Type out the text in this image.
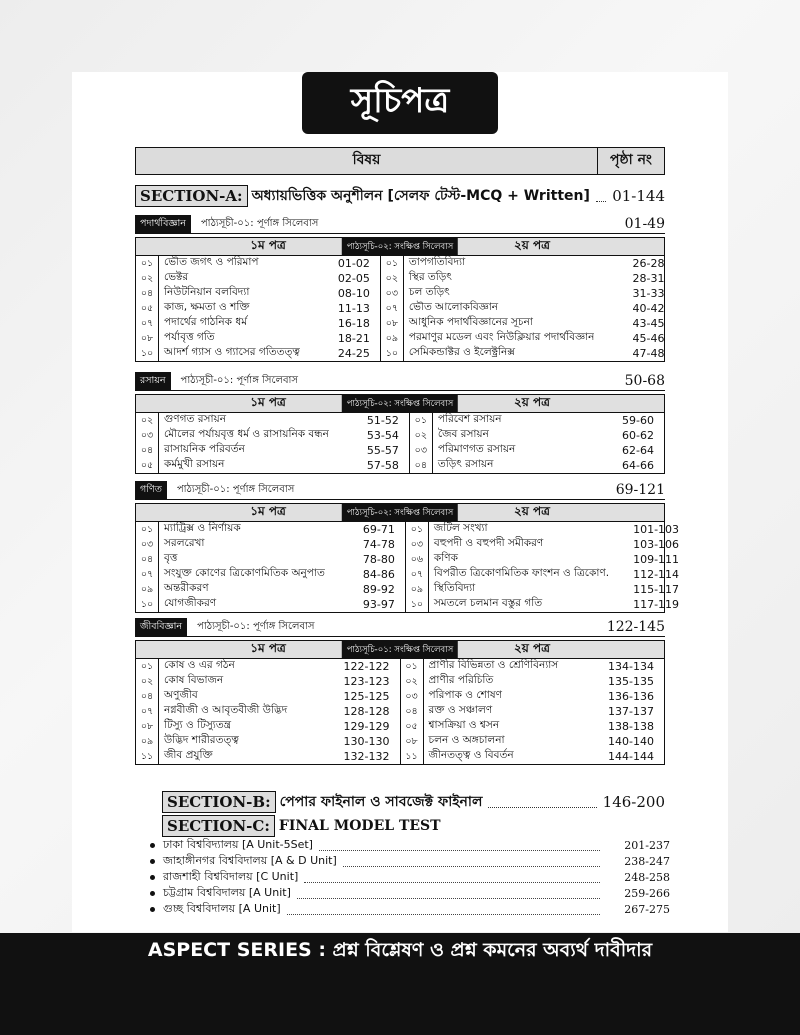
সূচিপত্র
বিষয়	পৃষ্ঠা নং
SECTION-A: অধ্যায়ভিত্তিক অনুশীলন [সেলফ টেস্ট-MCQ + Written] 01-144
পদার্থবিজ্ঞান	পাঠ্যসূচী-০১: পূর্ণাঙ্গ সিলেবাস	01-49
১ম পত্র	পাঠ্যসূচি-০২: সংক্ষিপ্ত সিলেবাস	২য় পত্র
০১	ভৌত জগৎ ও পরিমাপ	01-02
০২	ভেক্টর	02-05
০৪	নিউটনিয়ান বলবিদ্যা	08-10
০৫	কাজ, ক্ষমতা ও শক্তি	11-13
০৭	পদার্থের গাঠনিক ধর্ম	16-18
০৮	পর্যাবৃত্ত গতি	18-21
১০	আদর্শ গ্যাস ও গ্যাসের গতিতত্ত্ব	24-25
০১	তাপগতিবিদ্যা	26-28
০২	স্থির তড়িৎ	28-31
০৩	চল তড়িৎ	31-33
০৭	ভৌত আলোকবিজ্ঞান	40-42
০৮	আধুনিক পদার্থবিজ্ঞানের সূচনা	43-45
০৯	পরমাণুর মডেল এবং নিউক্লিয়ার পদার্থবিজ্ঞান	45-46
১০	সেমিকন্ডাক্টর ও ইলেক্ট্রনিক্স	47-48
রসায়ন	পাঠ্যসূচী-০১: পূর্ণাঙ্গ সিলেবাস	50-68
১ম পত্র	পাঠ্যসূচি-০২: সংক্ষিপ্ত সিলেবাস	২য় পত্র
০২	গুণগত রসায়ন	51-52
০৩	মৌলের পর্যায়বৃত্ত ধর্ম ও রাসায়নিক বন্ধন	53-54
০৪	রাসায়নিক পরিবর্তন	55-57
০৫	কর্মমুখী রসায়ন	57-58
০১	পরিবেশ রসায়ন	59-60
০২	জৈব রসায়ন	60-62
০৩	পরিমাণগত রসায়ন	62-64
০৪	তড়িৎ রসায়ন	64-66
গণিত	পাঠ্যসূচী-০১: পূর্ণাঙ্গ সিলেবাস	69-121
১ম পত্র	পাঠ্যসূচি-০২: সংক্ষিপ্ত সিলেবাস	২য় পত্র
০১	ম্যাট্রিক্স ও নির্ণায়ক	69-71
০৩	সরলরেখা	74-78
০৪	বৃত্ত	78-80
০৭	সংযুক্ত কোণের ত্রিকোণমিতিক অনুপাত	84-86
০৯	অন্তরীকরণ	89-92
১০	যোগজীকরণ	93-97
০১	জটিল সংখ্যা	101-103
০৩	বহুপদী ও বহুপদী সমীকরণ	103-106
০৬	কণিক	109-111
০৭	বিপরীত ত্রিকোণমিতিক ফাংশন ও ত্রিকোণ.	112-114
০৯	স্থিতিবিদ্যা	115-117
১০	সমতলে চলমান বস্তুর গতি	117-119
জীববিজ্ঞান	পাঠ্যসূচী-০১: পূর্ণাঙ্গ সিলেবাস	122-145
১ম পত্র	পাঠ্যসূচি-০১: সংক্ষিপ্ত সিলেবাস	২য় পত্র
০১	কোষ ও এর গঠন	122-122
০২	কোষ বিভাজন	123-123
০৪	অণুজীব	125-125
০৭	নগ্নবীজী ও আবৃতবীজী উদ্ভিদ	128-128
০৮	টিস্যু ও টিস্যুতন্ত্র	129-129
০৯	উদ্ভিদ শারীরতত্ত্ব	130-130
১১	জীব প্রযুক্তি	132-132
০১	প্রাণীর বিভিন্নতা ও শ্রেণিবিন্যাস	134-134
০২	প্রাণীর পরিচিতি	135-135
০৩	পরিপাক ও শোষণ	136-136
০৪	রক্ত ও সঞ্চালণ	137-137
০৫	শ্বাসক্রিয়া ও শ্বসন	138-138
০৮	চলন ও অঙ্গচালনা	140-140
১১	জীনতত্ত্ব ও বিবর্তন	144-144
SECTION-B: পেপার ফাইনাল ও সাবজেক্ট ফাইনাল	146-200
SECTION-C: FINAL MODEL TEST
ঢাকা বিশ্ববিদ্যালয় [A Unit-5Set]	201-237
জাহাঙ্গীনগর বিশ্ববিদালয় [A & D Unit]	238-247
রাজশাহী বিশ্ববিদালয় [C Unit]	248-258
চট্টগ্রাম বিশ্ববিদালয় [A Unit]	259-266
গুচ্ছ বিশ্ববিদালয় [A Unit]	267-275
ASPECT SERIES : প্রশ্ন বিশ্লেষণ ও প্রশ্ন কমনের অব্যর্থ দাবীদার
